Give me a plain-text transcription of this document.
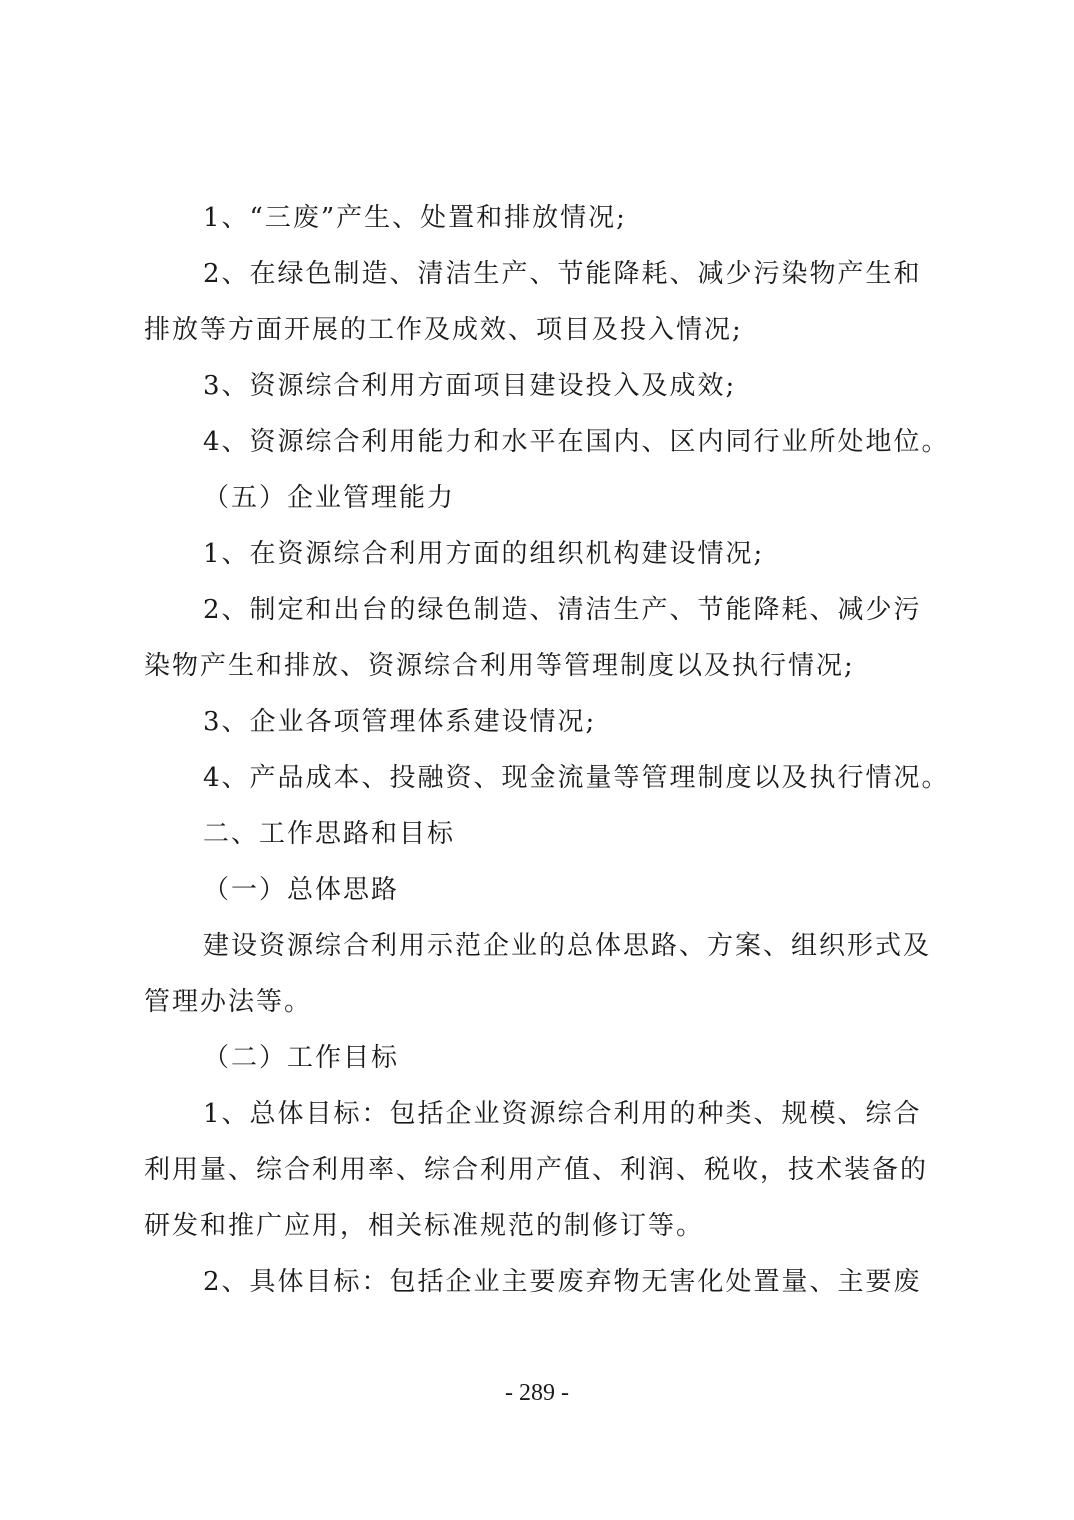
1、“三废”产生、处置和排放情况;
2、在绿色制造、清洁生产、节能降耗、减少污染物产生和
排放等方面开展的工作及成效、项目及投入情况;
3、资源综合利用方面项目建设投入及成效;
4、资源综合利用能力和水平在国内、区内同行业所处地位。
（五）企业管理能力
1、在资源综合利用方面的组织机构建设情况;
2、制定和出台的绿色制造、清洁生产、节能降耗、减少污
染物产生和排放、资源综合利用等管理制度以及执行情况;
3、企业各项管理体系建设情况;
4、产品成本、投融资、现金流量等管理制度以及执行情况。
二、工作思路和目标
（一）总体思路
建设资源综合利用示范企业的总体思路、方案、组织形式及
管理办法等。
（二）工作目标
1、总体目标：包括企业资源综合利用的种类、规模、综合
利用量、综合利用率、综合利用产值、利润、税收，技术装备的
研发和推广应用，相关标准规范的制修订等。
2、具体目标：包括企业主要废弃物无害化处置量、主要废
- 289 -
